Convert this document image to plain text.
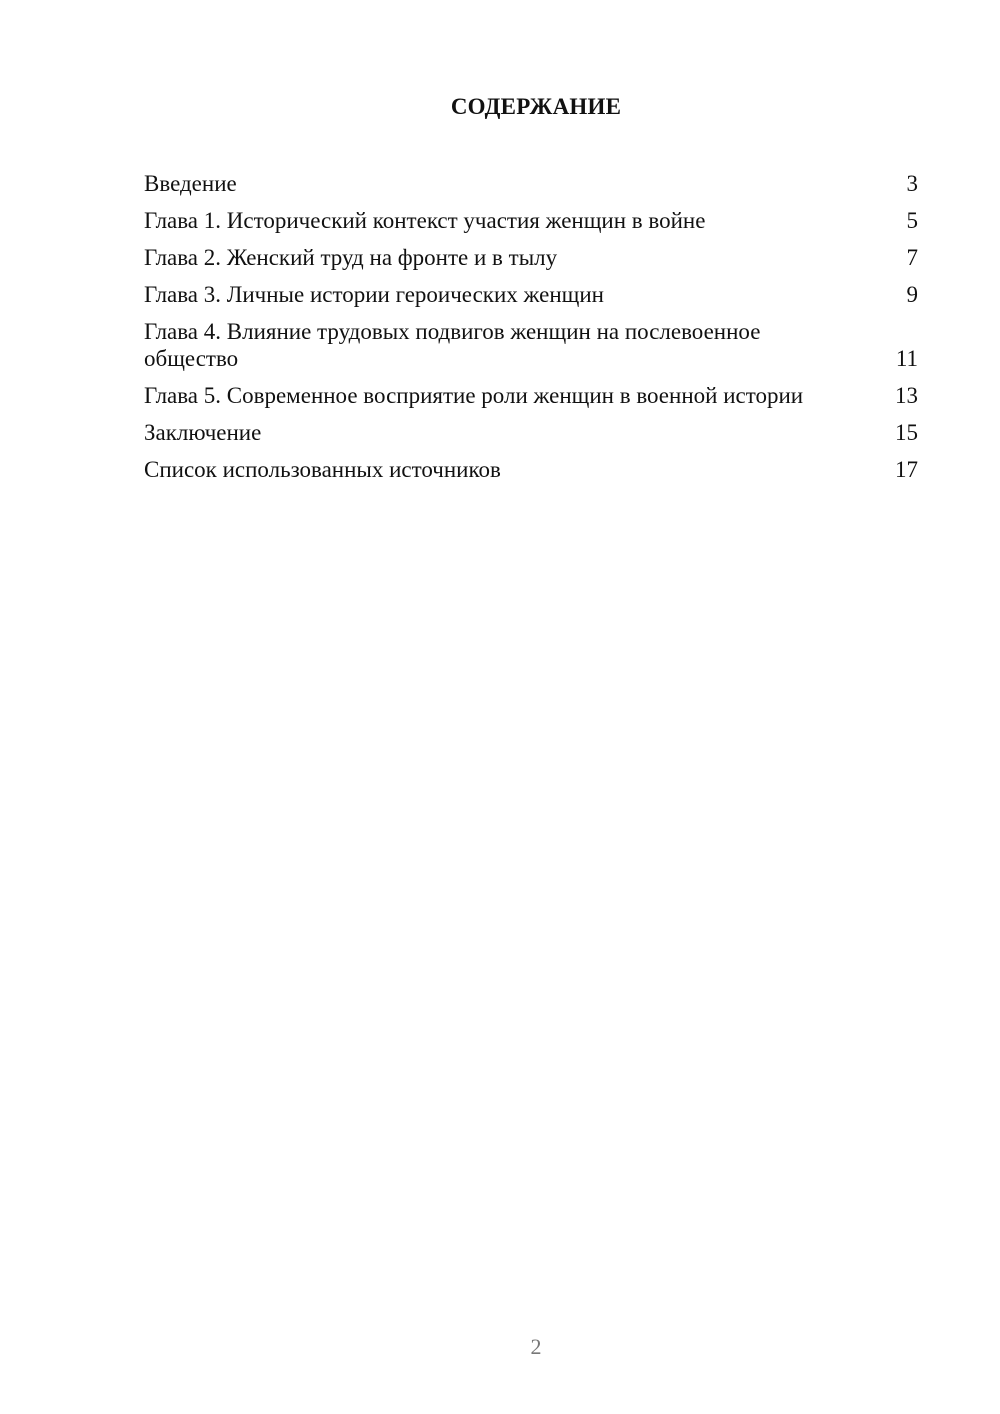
СОДЕРЖАНИЕ
Введение	3
Глава 1. Исторический контекст участия женщин в войне	5
Глава 2. Женский труд на фронте и в тылу	7
Глава 3. Личные истории героических женщин	9
Глава 4. Влияние трудовых подвигов женщин на послевоенное общество	11
Глава 5. Современное восприятие роли женщин в военной истории	13
Заключение	15
Список использованных источников	17
2
